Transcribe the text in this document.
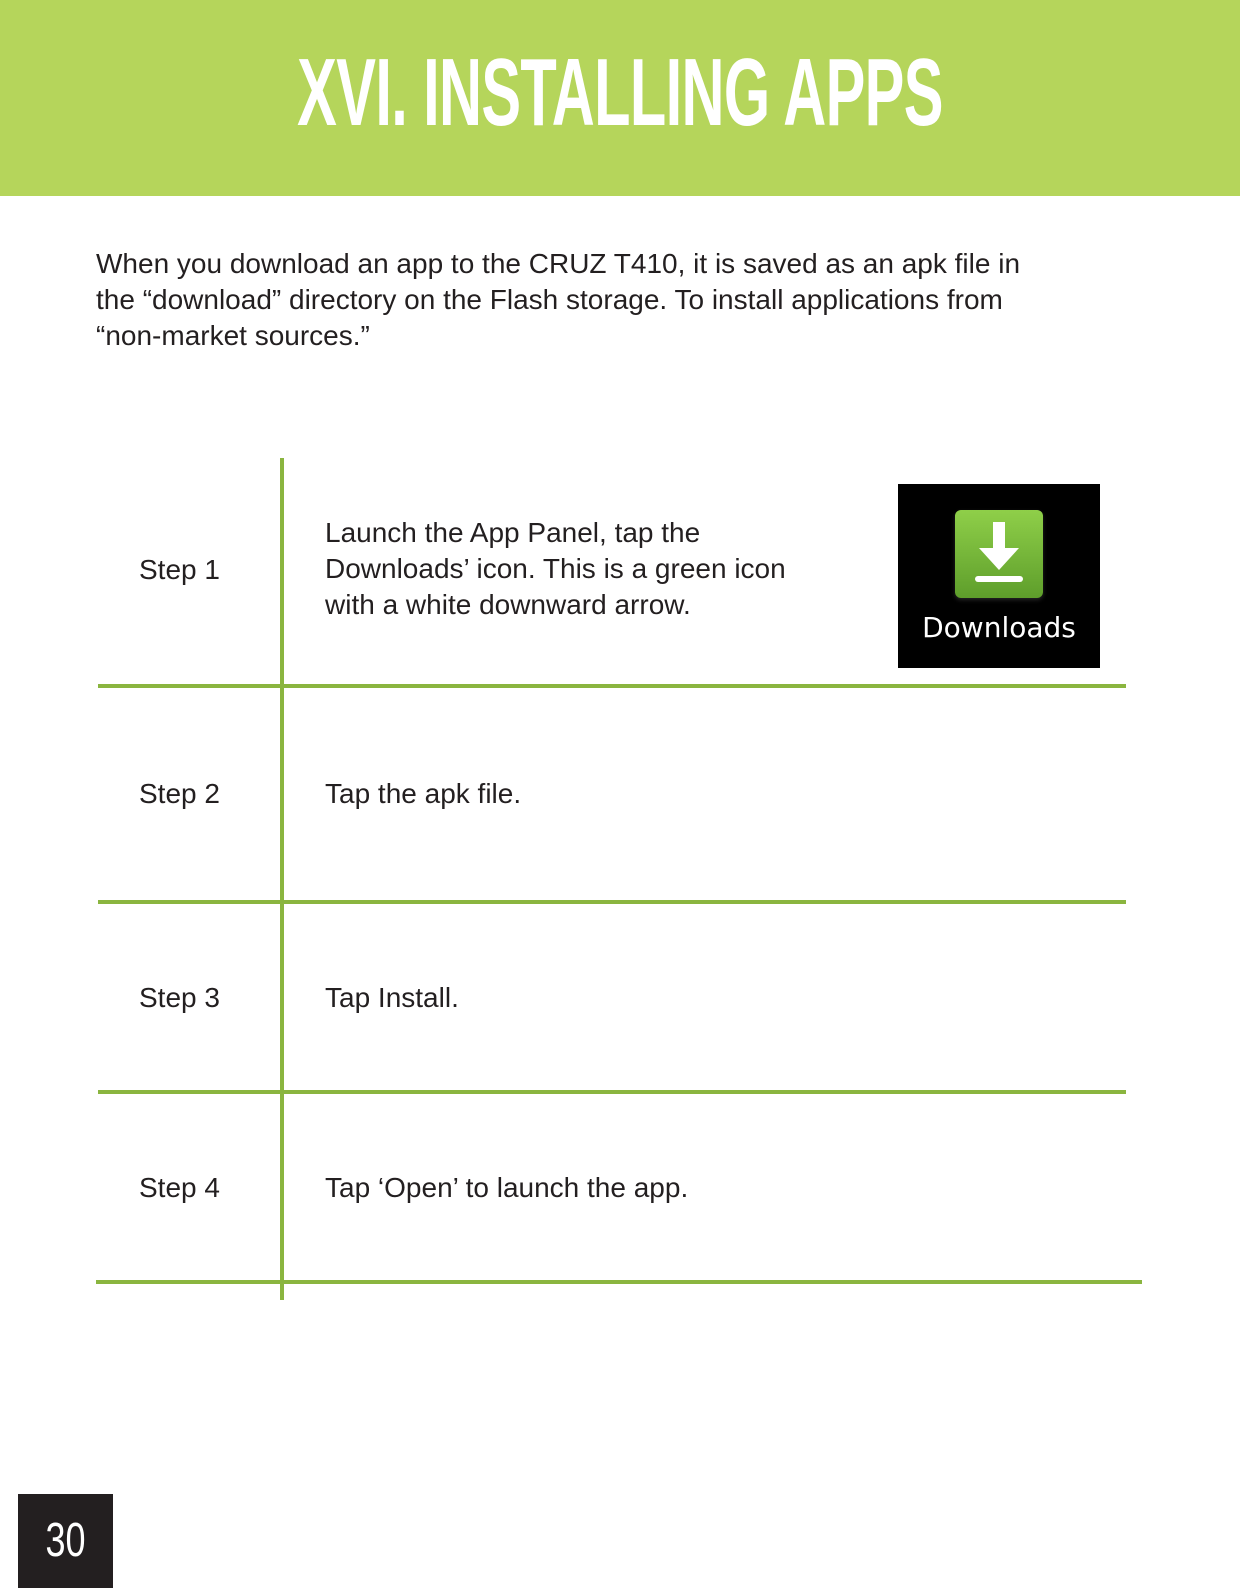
XVI. INSTALLING APPS

When you download an app to the CRUZ T410, it is saved as an apk file in
the “download” directory on the Flash storage. To install applications from
“non-market sources.”

Step 1
Launch the App Panel, tap the
Downloads’ icon. This is a green icon
with a white downward arrow.
Downloads
Step 2	Tap the apk file.
Step 3	Tap Install.
Step 4	Tap ‘Open’ to launch the app.
30
